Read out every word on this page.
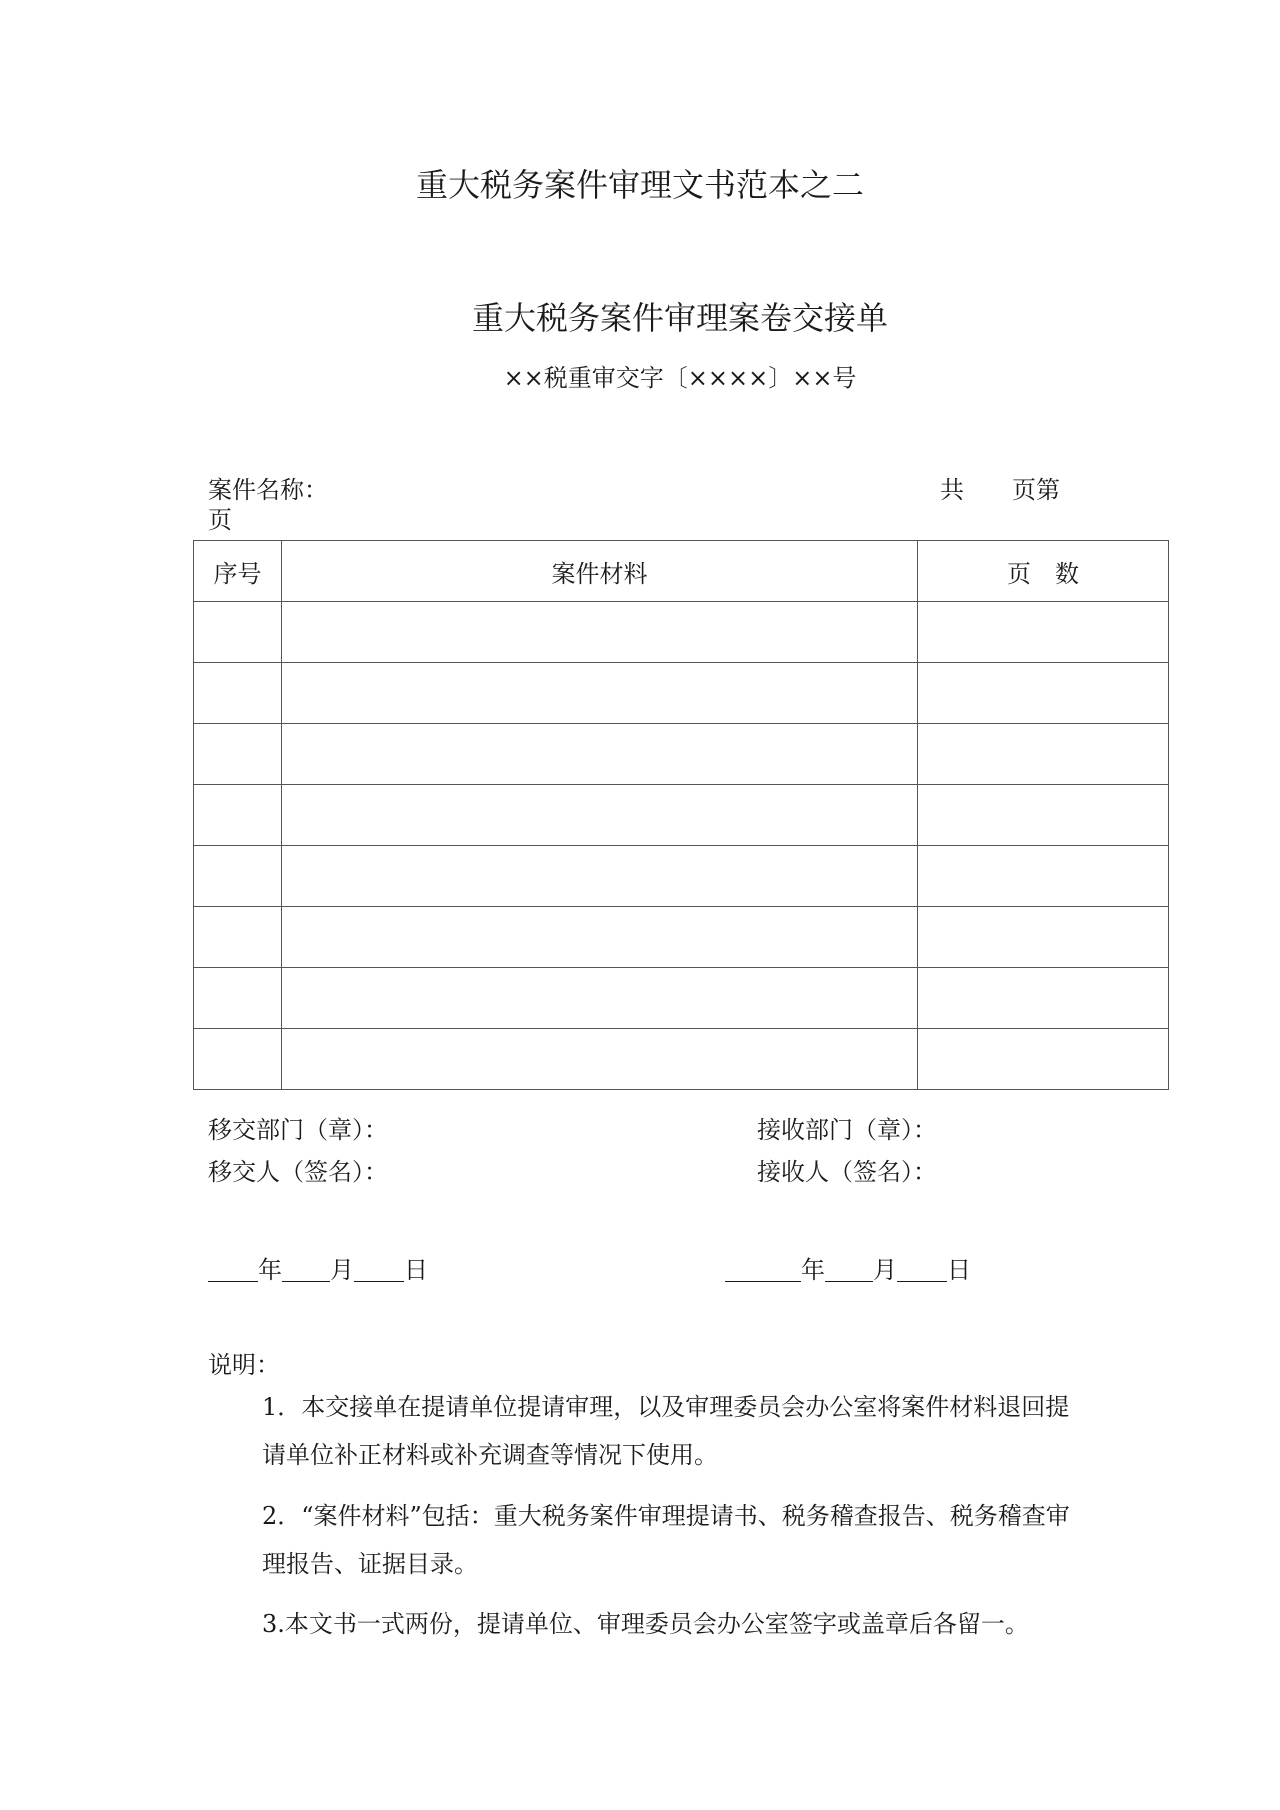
重大税务案件审理文书范本之二
重大税务案件审理案卷交接单
××税重审交字〔××××〕××号
案件名称：	共 页第
页
序号	案件材料	页　数

移交部门（章）：
移交人（签名）：
接收部门（章）：
接收人（签名）：
年 月 日	年 月 日
说明：
1．本交接单在提请单位提请审理，以及审理委员会办公室将案件材料退回提请单位补正材料或补充调查等情况下使用。
2．“案件材料”包括：重大税务案件审理提请书、税务稽查报告、税务稽查审理报告、证据目录。
3.本文书一式两份，提请单位、审理委员会办公室签字或盖章后各留一。
